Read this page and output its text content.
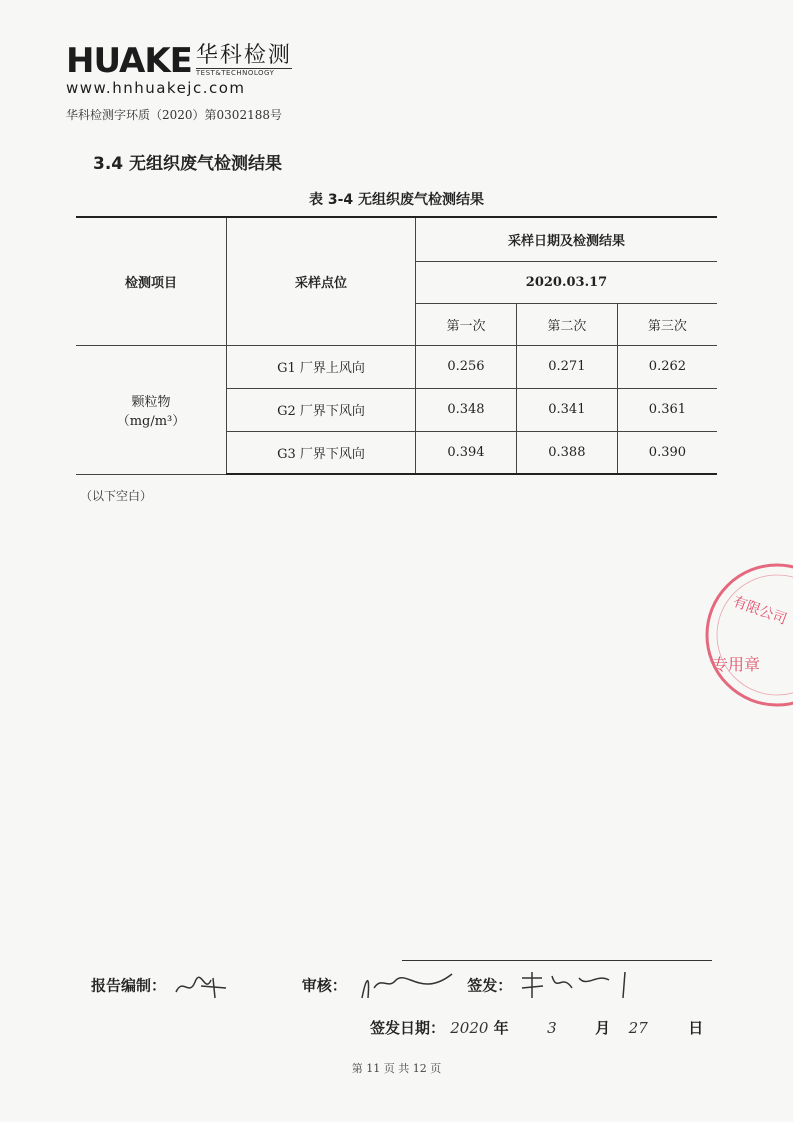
HUAKE 华科检测
TEST&TECHNOLOGY
www.hnhuakejc.com
华科检测字环质（2020）第0302188号
3.4 无组织废气检测结果
表 3-4 无组织废气检测结果
检测项目	采样点位	采样日期及检测结果		
		2020.03.17		
		第一次	第二次	第三次

颗粒物
（mg/m³）	G1 厂界上风向	0.256	0.271	0.262
	G2 厂界下风向	0.348	0.341	0.361
	G3 厂界下风向	0.394	0.388	0.390
（以下空白）
有限公司
专用章
报告编制：	审核：	签发：
签发日期： 2020 年	3	月 27	日
第 11 页 共 12 页
